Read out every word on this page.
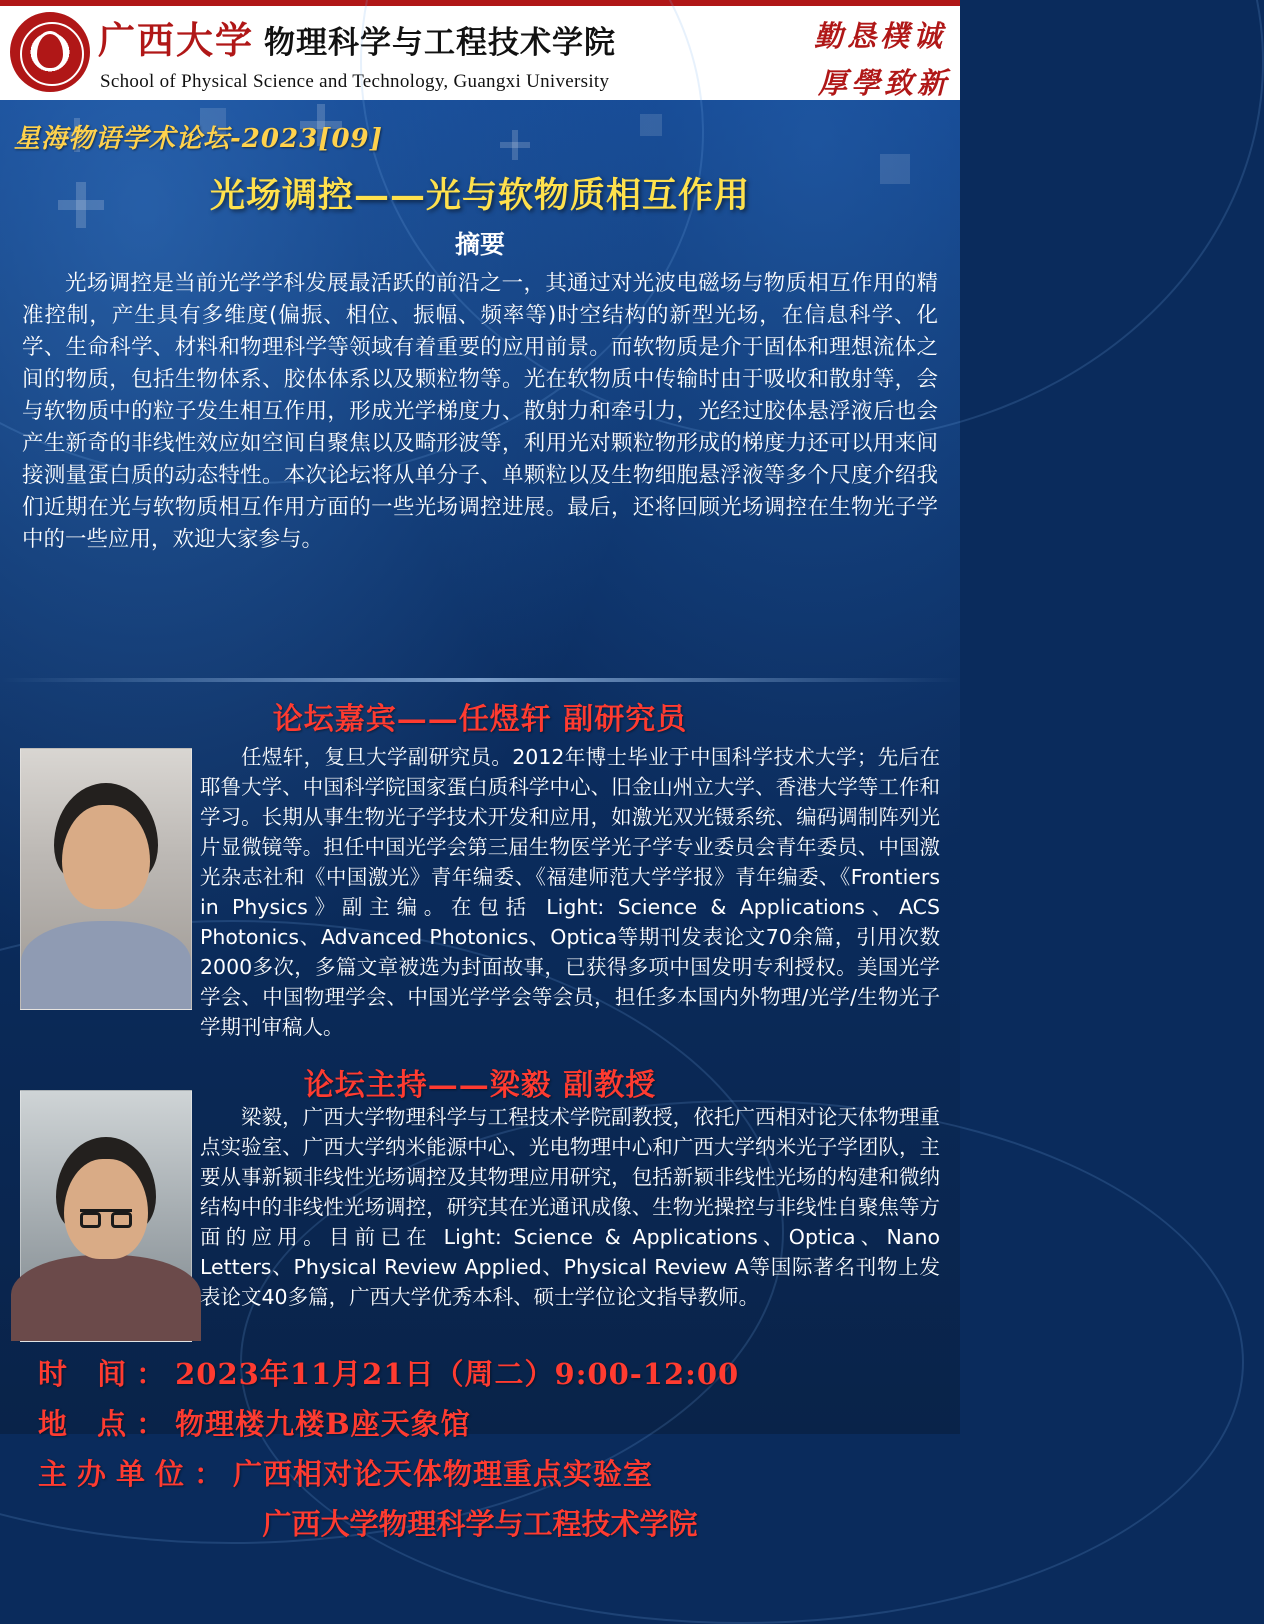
广西大学 物理科学与工程技术学院
School of Physical Science and Technology, Guangxi University
勤恳樸诚
厚學致新
星海物语学术论坛-2023[09]
光场调控——光与软物质相互作用
摘要
光场调控是当前光学学科发展最活跃的前沿之一，其通过对光波电磁场与物质相互作用的精准控制，产生具有多维度(偏振、相位、振幅、频率等)时空结构的新型光场，在信息科学、化学、生命科学、材料和物理科学等领域有着重要的应用前景。而软物质是介于固体和理想流体之间的物质，包括生物体系、胶体体系以及颗粒物等。光在软物质中传输时由于吸收和散射等，会与软物质中的粒子发生相互作用，形成光学梯度力、散射力和牵引力，光经过胶体悬浮液后也会产生新奇的非线性效应如空间自聚焦以及畸形波等，利用光对颗粒物形成的梯度力还可以用来间接测量蛋白质的动态特性。本次论坛将从单分子、单颗粒以及生物细胞悬浮液等多个尺度介绍我们近期在光与软物质相互作用方面的一些光场调控进展。最后，还将回顾光场调控在生物光子学中的一些应用，欢迎大家参与。
论坛嘉宾——任煜轩 副研究员
任煜轩，复旦大学副研究员。2012年博士毕业于中国科学技术大学；先后在耶鲁大学、中国科学院国家蛋白质科学中心、旧金山州立大学、香港大学等工作和学习。长期从事生物光子学技术开发和应用，如激光双光镊系统、编码调制阵列光片显微镜等。担任中国光学会第三届生物医学光子学专业委员会青年委员、中国激光杂志社和《中国激光》青年编委、《福建师范大学学报》青年编委、《Frontiers in Physics》副主编。在包括 Light: Science & Applications、ACS Photonics、Advanced Photonics、Optica等期刊发表论文70余篇，引用次数2000多次，多篇文章被选为封面故事，已获得多项中国发明专利授权。美国光学学会、中国物理学会、中国光学学会等会员，担任多本国内外物理/光学/生物光子学期刊审稿人。
论坛主持——梁毅 副教授
梁毅，广西大学物理科学与工程技术学院副教授，依托广西相对论天体物理重点实验室、广西大学纳米能源中心、光电物理中心和广西大学纳米光子学团队，主要从事新颖非线性光场调控及其物理应用研究，包括新颖非线性光场的构建和微纳结构中的非线性光场调控，研究其在光通讯成像、生物光操控与非线性自聚焦等方面的应用。目前已在 Light: Science & Applications、Optica、Nano Letters、Physical Review Applied、Physical Review A等国际著名刊物上发表论文40多篇，广西大学优秀本科、硕士学位论文指导教师。
时 间：2023年11月21日（周二）9:00-12:00
地 点：物理楼九楼B座天象馆
主办单位：广西相对论天体物理重点实验室
广西大学物理科学与工程技术学院
